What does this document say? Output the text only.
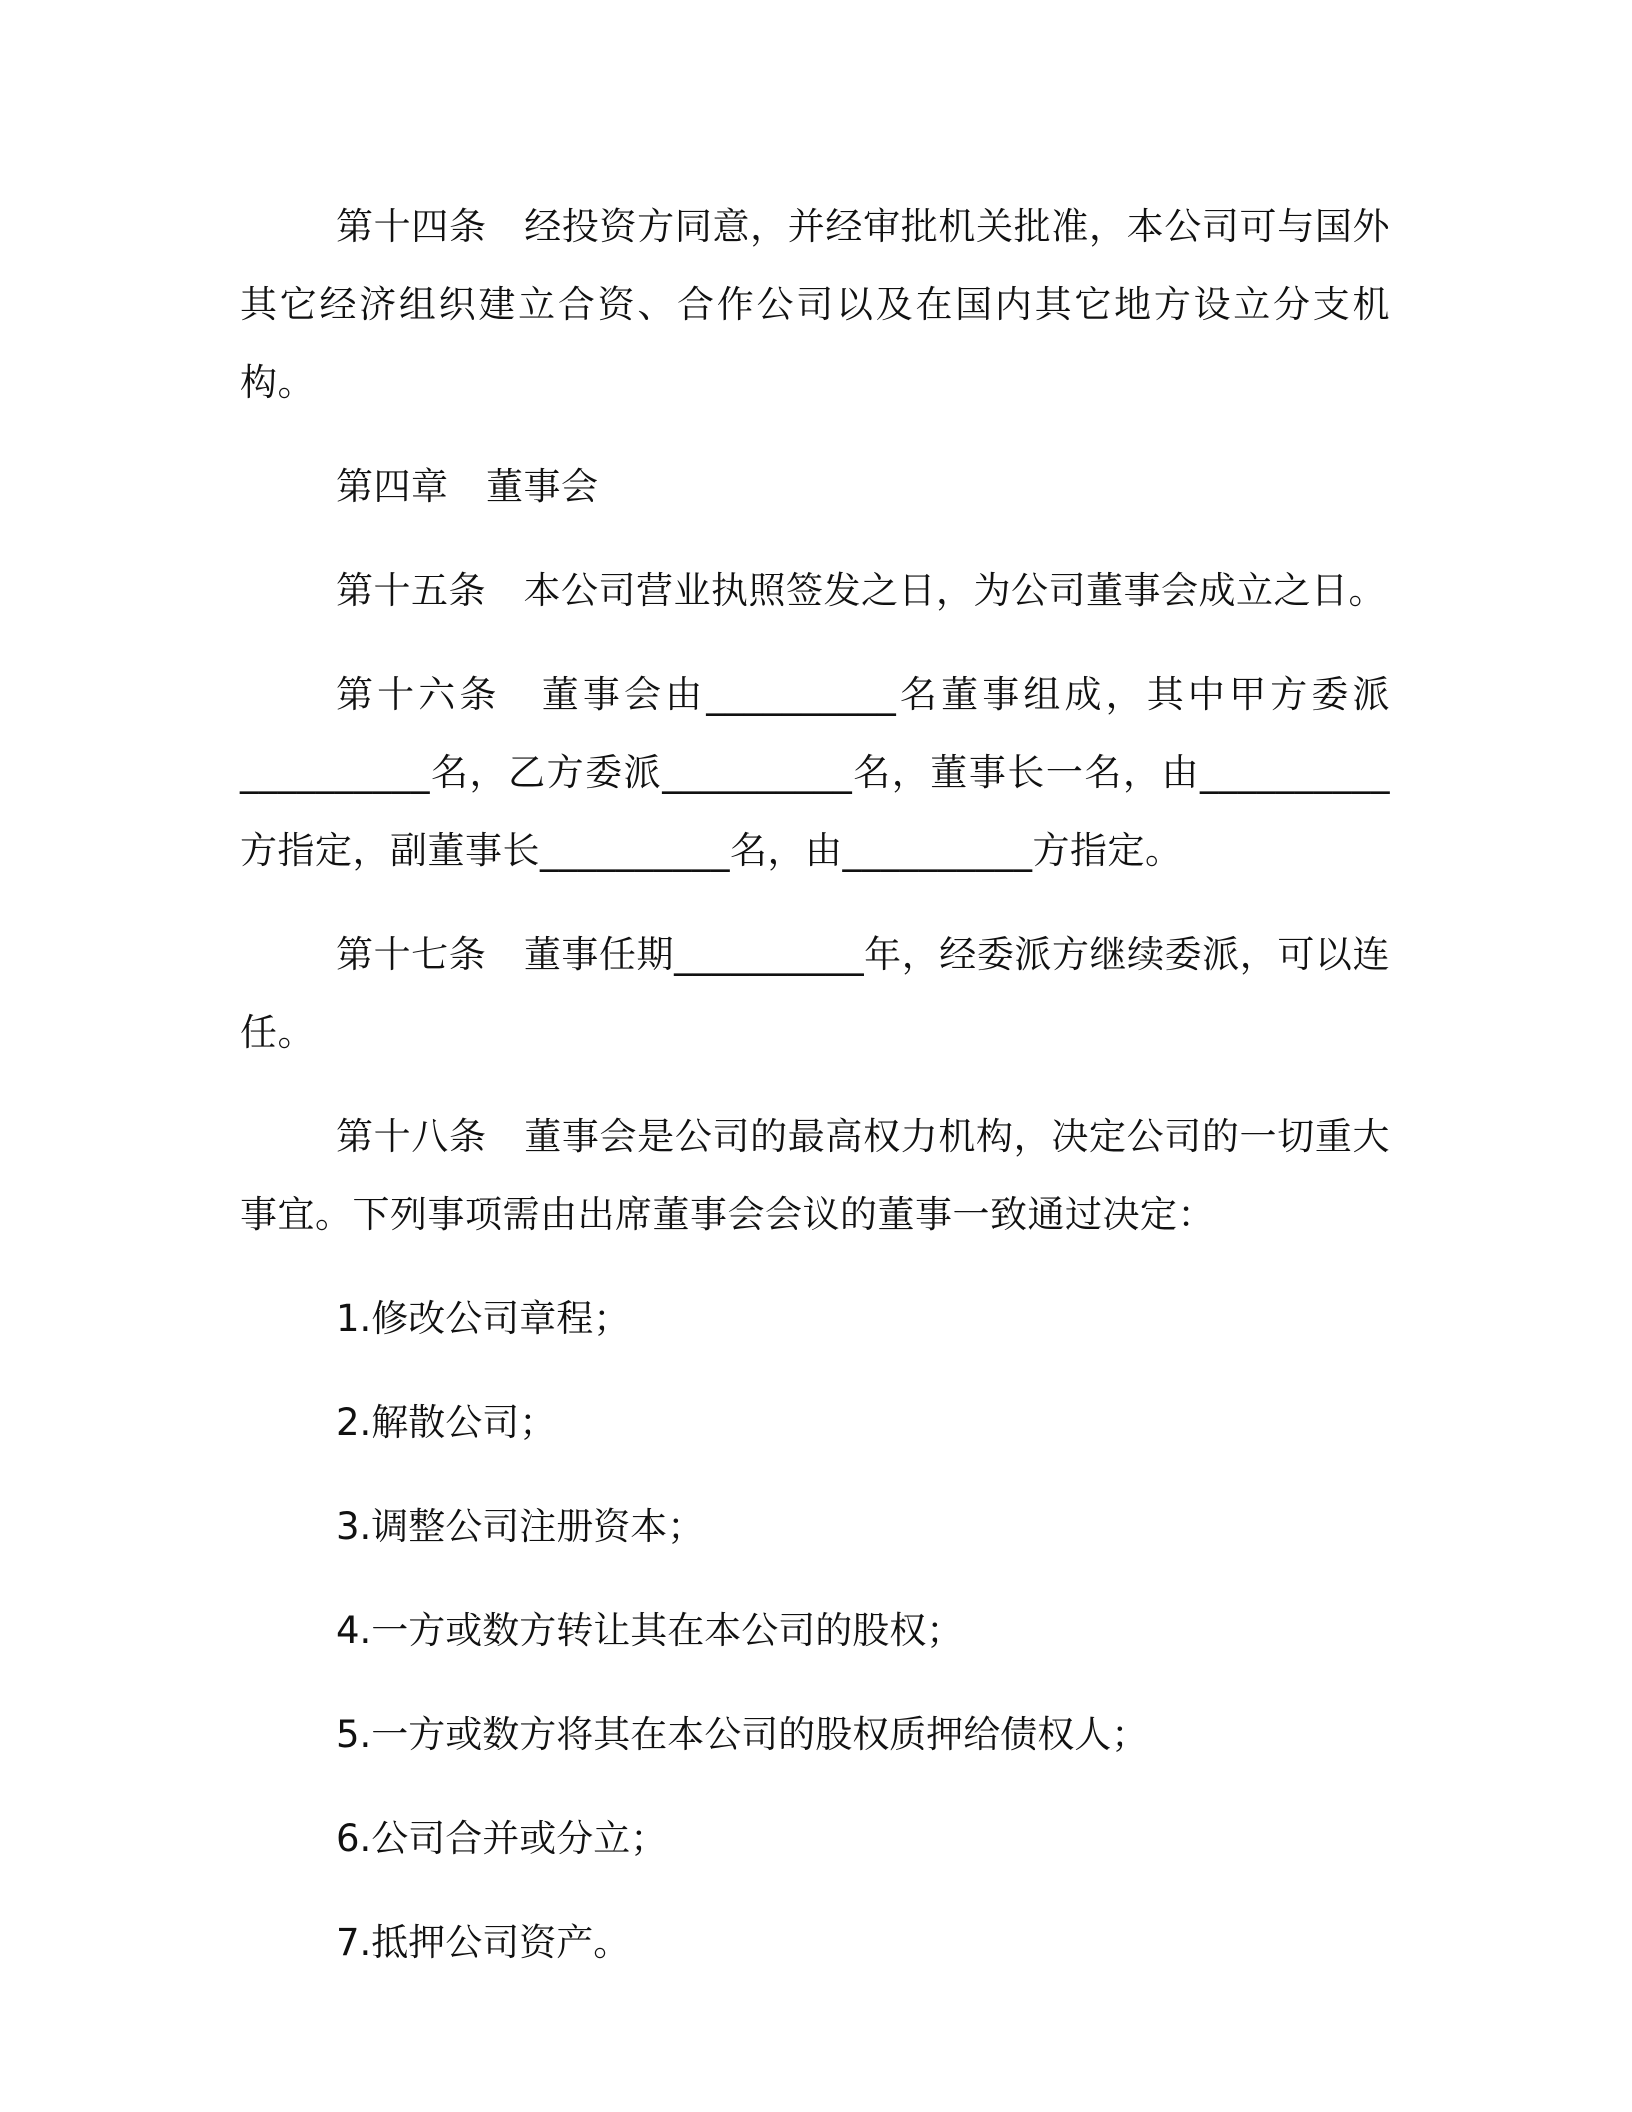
第十四条　经投资方同意，并经审批机关批准，本公司可与国外其它经济组织建立合资、合作公司以及在国内其它地方设立分支机构。

第四章　董事会

第十五条　本公司营业执照签发之日，为公司董事会成立之日。

第十六条　董事会由__________名董事组成，其中甲方委派__________名，乙方委派__________名，董事长一名，由__________方指定，副董事长__________名，由__________方指定。

第十七条　董事任期__________年，经委派方继续委派，可以连任。

第十八条　董事会是公司的最高权力机构，决定公司的一切重大事宜。下列事项需由出席董事会会议的董事一致通过决定：

1.修改公司章程；

2.解散公司；

3.调整公司注册资本；

4.一方或数方转让其在本公司的股权；

5.一方或数方将其在本公司的股权质押给债权人；

6.公司合并或分立；

7.抵押公司资产。
